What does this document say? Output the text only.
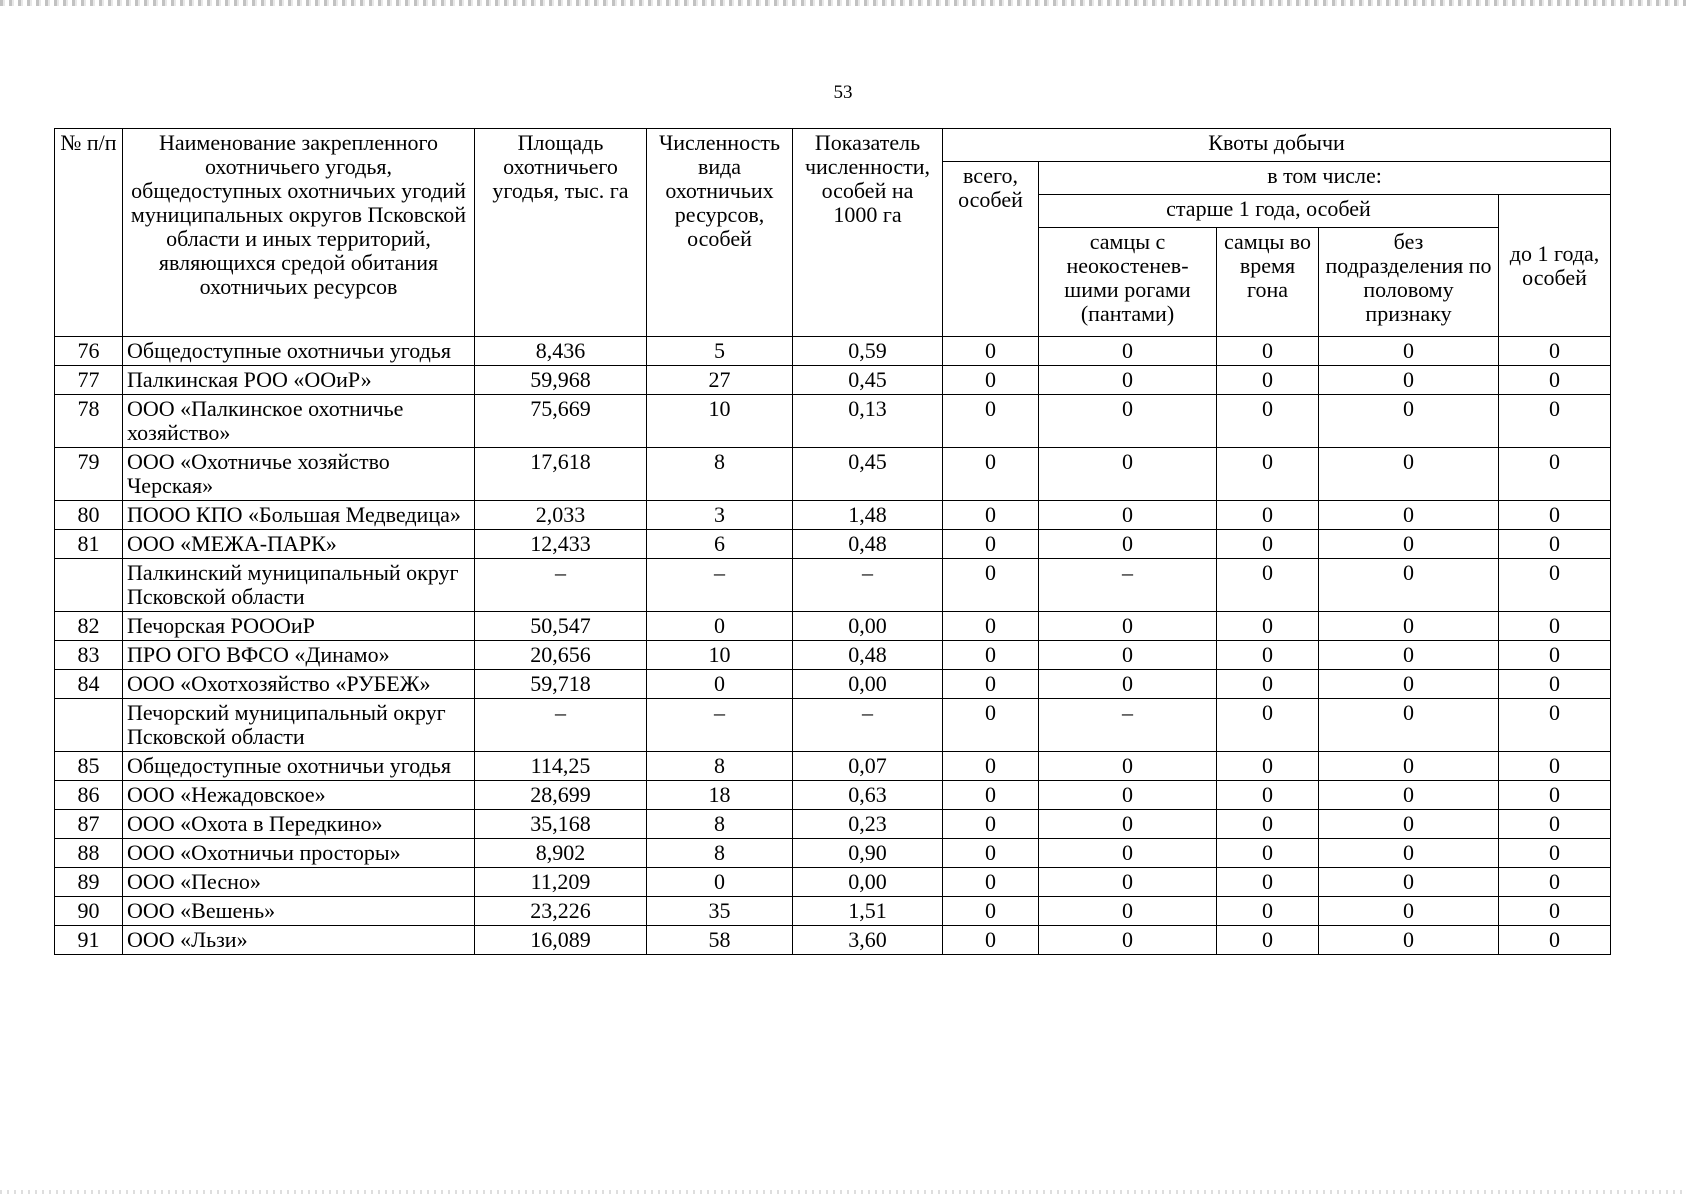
53
№ п/п	Наименование закрепленного охотничьего угодья, общедоступных охотничьих угодий муниципальных округов Псковской области и иных территорий, являющихся средой обитания охотничьих ресурсов	Площадь охотничьего угодья, тыс. га	Численность вида охотничьих ресурсов, особей	Показатель численности, особей на 1000 га	Квоты добычи				
					всего, особей	в том числе:			
						старше 1 года, особей			до 1 года, особей
						самцы с неокостенев-шими рогами (пантами)	самцы во время гона	без подразделения по половому признаку	
76	Общедоступные охотничьи угодья	8,436	5	0,59	0	0	0	0	0
77	Палкинская РОО «ООиР»	59,968	27	0,45	0	0	0	0	0
78	ООО «Палкинское охотничье хозяйство»	75,669	10	0,13	0	0	0	0	0
79	ООО «Охотничье хозяйство Черская»	17,618	8	0,45	0	0	0	0	0
80	ПООО КПО «Большая Медведица»	2,033	3	1,48	0	0	0	0	0
81	ООО «МЕЖА-ПАРК»	12,433	6	0,48	0	0	0	0	0
	Палкинский муниципальный округ Псковской области	–	–	–	0	–	0	0	0
82	Печорская РОООиР	50,547	0	0,00	0	0	0	0	0
83	ПРО ОГО ВФСО «Динамо»	20,656	10	0,48	0	0	0	0	0
84	ООО «Охотхозяйство «РУБЕЖ»	59,718	0	0,00	0	0	0	0	0
	Печорский муниципальный округ Псковской области	–	–	–	0	–	0	0	0
85	Общедоступные охотничьи угодья	114,25	8	0,07	0	0	0	0	0
86	ООО «Нежадовское»	28,699	18	0,63	0	0	0	0	0
87	ООО «Охота в Передкино»	35,168	8	0,23	0	0	0	0	0
88	ООО «Охотничьи просторы»	8,902	8	0,90	0	0	0	0	0
89	ООО «Песно»	11,209	0	0,00	0	0	0	0	0
90	ООО «Вешень»	23,226	35	1,51	0	0	0	0	0
91	ООО «Льзи»	16,089	58	3,60	0	0	0	0	0
